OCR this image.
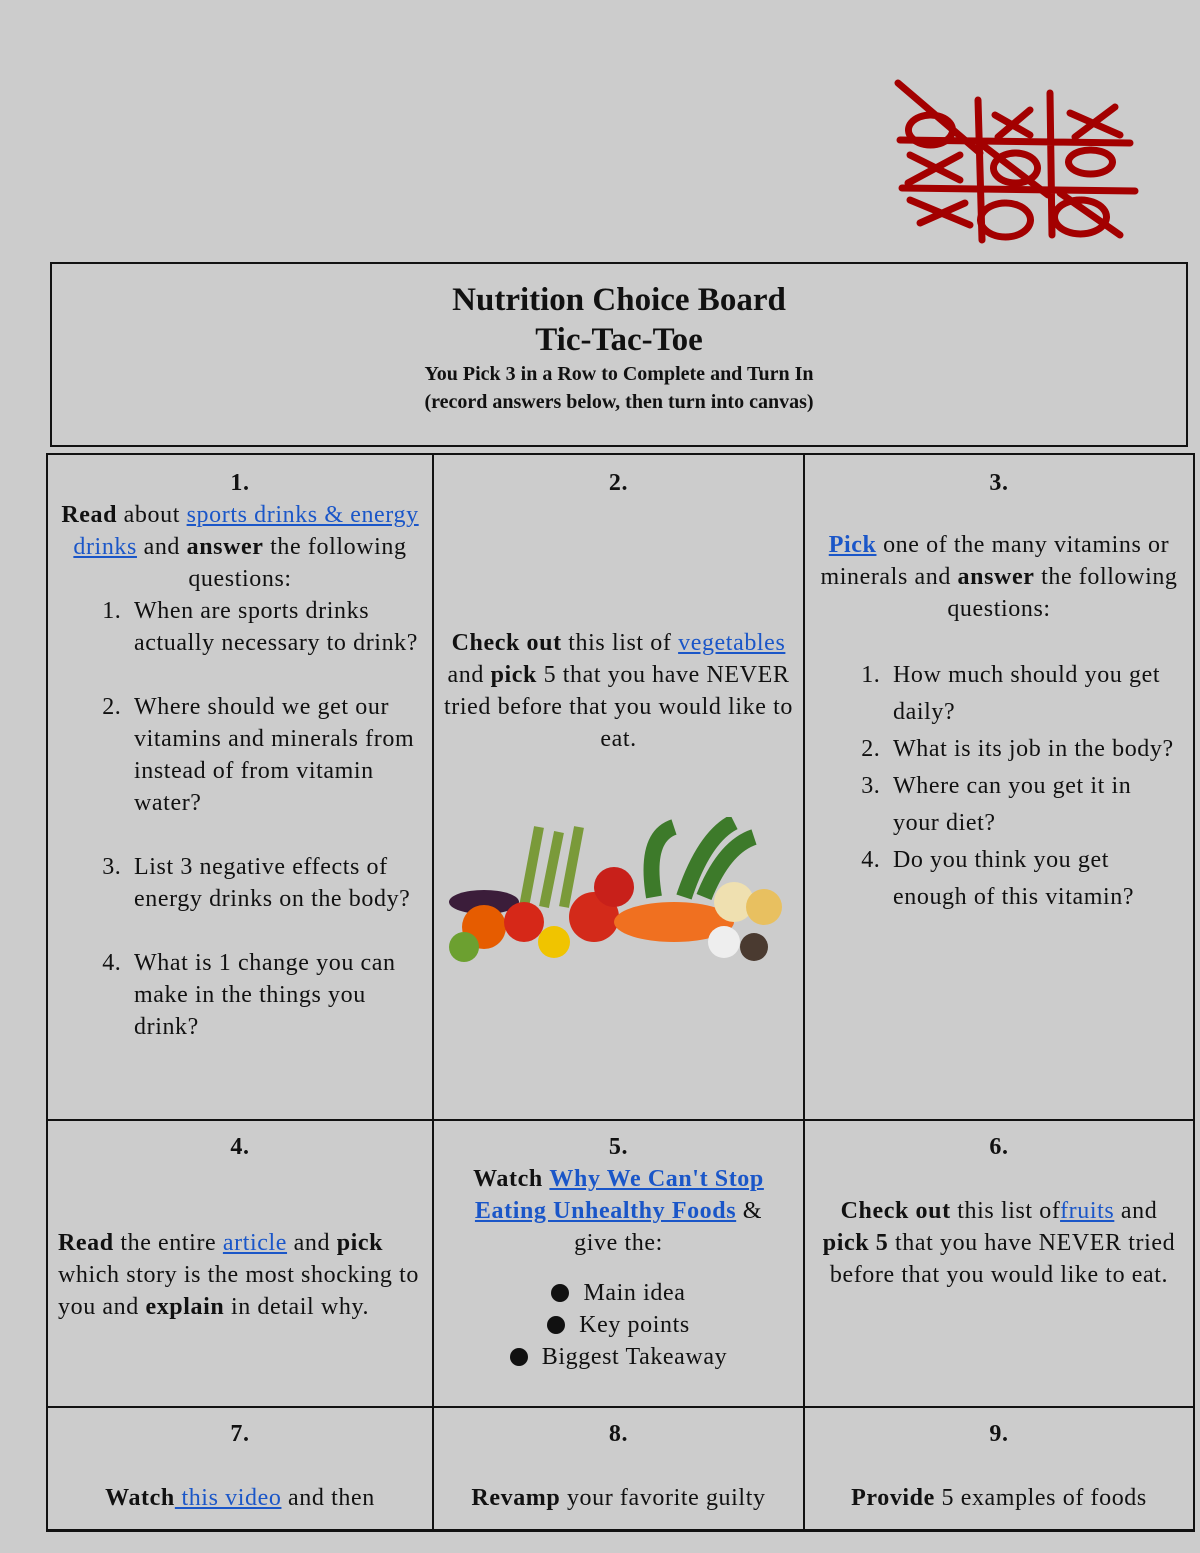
Nutrition Choice Board
Tic-Tac-Toe
You Pick 3 in a Row to Complete and Turn In
(record answers below, then turn into canvas)
1.
Read about sports drinks & energy drinks and answer the following questions:
1. When are sports drinks actually necessary to drink?
2. Where should we get our vitamins and minerals from instead of from vitamin water?
3. List 3 negative effects of energy drinks on the body?
4. What is 1 change you can make in the things you drink?
2.
Check out this list of vegetables and pick 5 that you have NEVER tried before that you would like to eat.
3.
Pick one of the many vitamins or minerals and answer the following questions:
1. How much should you get daily?
2. What is its job in the body?
3. Where can you get it in your diet?
4. Do you think you get enough of this vitamin?
4.
Read the entire article and pick which story is the most shocking to you and explain in detail why.
5.
Watch Why We Can't Stop Eating Unhealthy Foods & give the:
Main idea
Key points
Biggest Takeaway
6.
Check out this list offruits and pick 5 that you have NEVER tried before that you would like to eat.
7.
Watch this video and then
8.
Revamp your favorite guilty
9.
Provide 5 examples of foods
